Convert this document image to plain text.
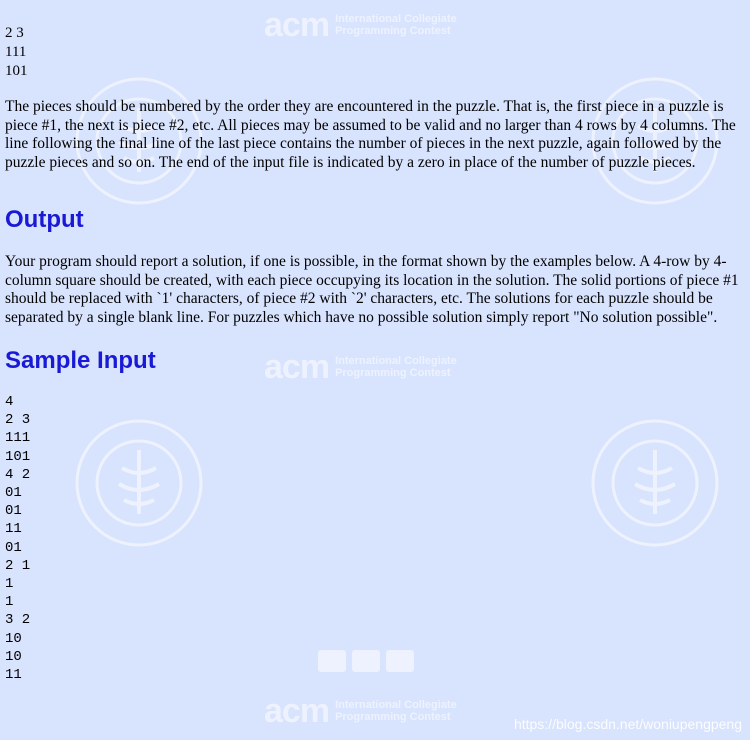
acm International Collegiate
Programming Contest
acm International Collegiate
Programming Contest
acm International Collegiate
Programming Contest	https://blog.csdn.net/woniupengpeng
2 3
111
101

The pieces should be numbered by the order they are encountered in the puzzle. That is, the first piece in a puzzle is piece #1, the next is piece #2, etc. All pieces may be assumed to be valid and no larger than 4 rows by 4 columns. The line following the final line of the last piece contains the number of pieces in the next puzzle, again followed by the puzzle pieces and so on. The end of the input file is indicated by a zero in place of the number of puzzle pieces.

Output

Your program should report a solution, if one is possible, in the format shown by the examples below. A 4-row by 4-column square should be created, with each piece occupying its location in the solution. The solid portions of piece #1 should be replaced with `1' characters, of piece #2 with `2' characters, etc. The solutions for each puzzle should be separated by a single blank line. For puzzles which have no possible solution simply report "No solution possible".

Sample Input
4
2 3
111
101
4 2
01
01
11
01
2 1
1
1
3 2
10
10
11
